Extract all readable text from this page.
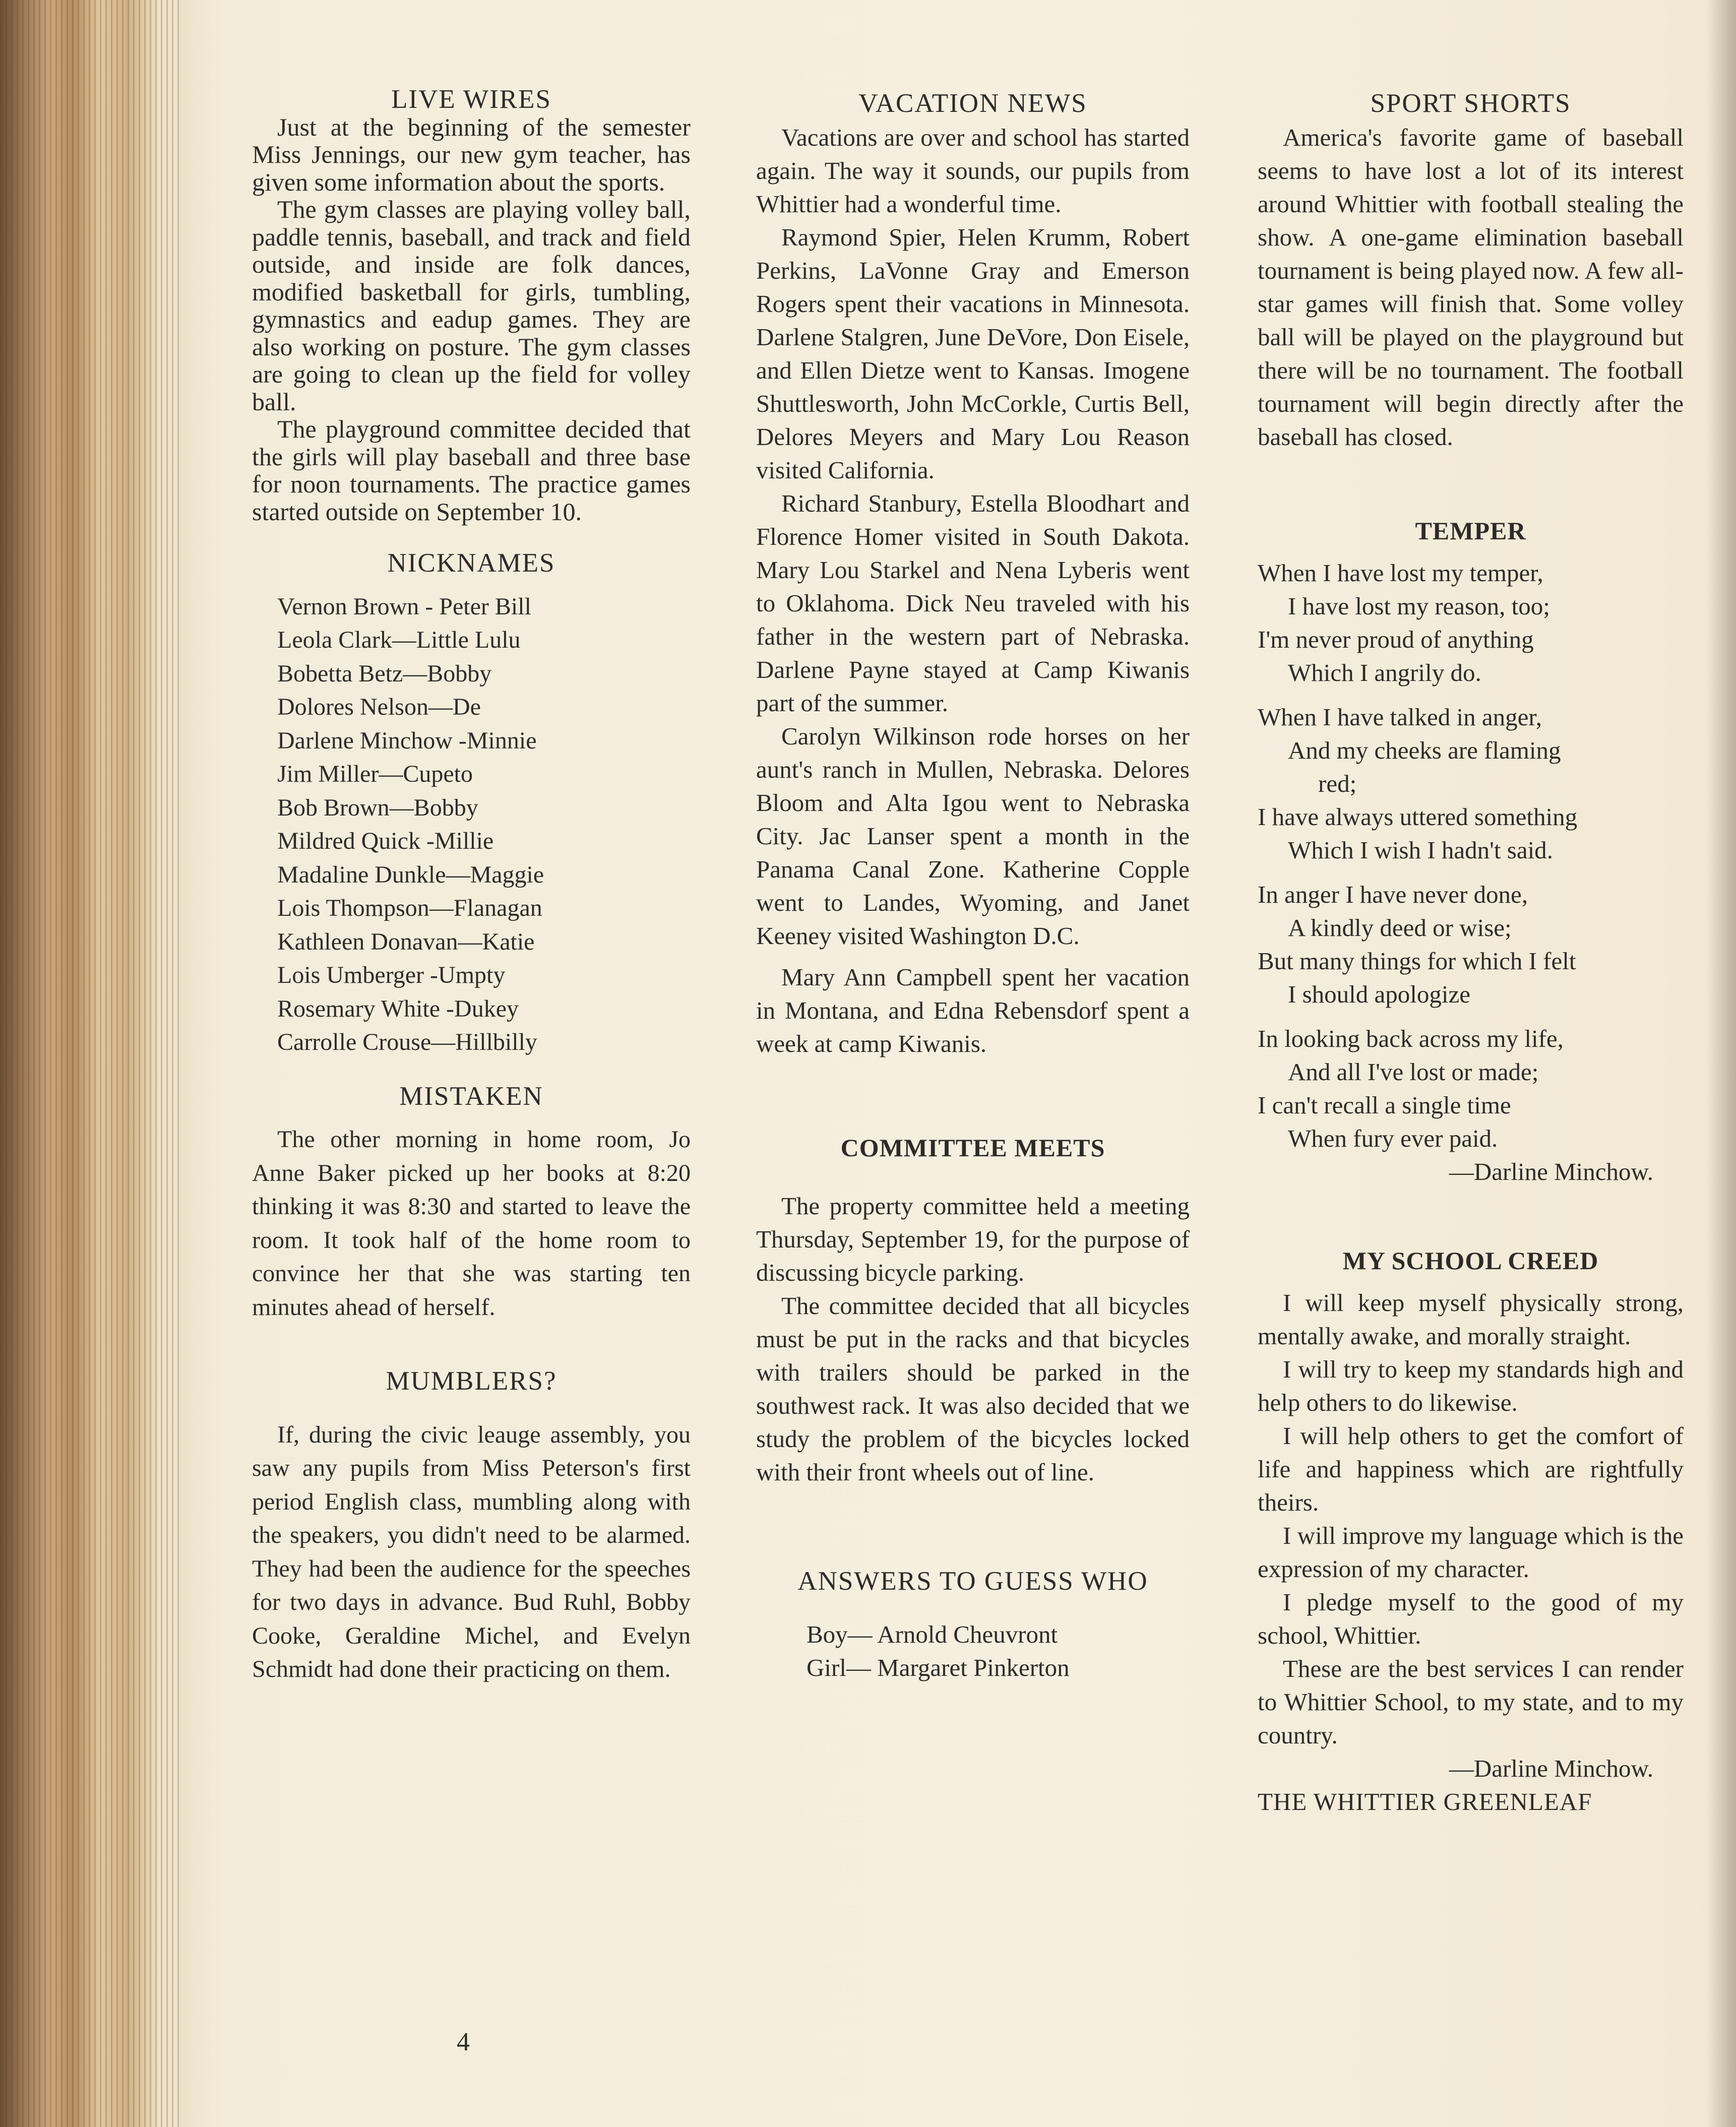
LIVE WIRES

Just at the beginning of the semester Miss Jennings, our new gym teacher, has given some information about the sports.

The gym classes are playing volley ball, paddle tennis, baseball, and track and field outside, and inside are folk dances, modified basketball for girls, tumbling, gymnastics and eadup games. They are also working on posture. The gym classes are going to clean up the field for volley ball.

The playground committee decided that the girls will play baseball and three base for noon tournaments. The practice games started outside on September 10.

NICKNAMES

Vernon Brown - Peter Bill

Leola Clark—Little Lulu

Bobetta Betz—Bobby

Dolores Nelson—De

Darlene Minchow -Minnie

Jim Miller—Cupeto

Bob Brown—Bobby

Mildred Quick -Millie

Madaline Dunkle—Maggie

Lois Thompson—Flanagan

Kathleen Donavan—Katie

Lois Umberger -Umpty

Rosemary White -Dukey

Carrolle Crouse—Hillbilly

MISTAKEN

The other morning in home room, Jo Anne Baker picked up her books at 8:20 thinking it was 8:30 and started to leave the room. It took half of the home room to convince her that she was starting ten minutes ahead of herself.

MUMBLERS?

If, during the civic leauge assembly, you saw any pupils from Miss Peterson's first period English class, mumbling along with the speakers, you didn't need to be alarmed. They had been the audience for the speeches for two days in advance. Bud Ruhl, Bobby Cooke, Geraldine Michel, and Evelyn Schmidt had done their practicing on them.

4
VACATION NEWS

Vacations are over and school has started again. The way it sounds, our pupils from Whittier had a wonderful time.

Raymond Spier, Helen Krumm, Robert Perkins, LaVonne Gray and Emerson Rogers spent their vacations in Minnesota. Darlene Stalgren, June DeVore, Don Eisele, and Ellen Dietze went to Kansas. Imogene Shuttlesworth, John McCorkle, Curtis Bell, Delores Meyers and Mary Lou Reason visited California.

Richard Stanbury, Estella Bloodhart and Florence Homer visited in South Dakota. Mary Lou Starkel and Nena Lyberis went to Oklahoma. Dick Neu traveled with his father in the western part of Nebraska. Darlene Payne stayed at Camp Kiwanis part of the summer.

Carolyn Wilkinson rode horses on her aunt's ranch in Mullen, Nebraska. Delores Bloom and Alta Igou went to Nebraska City. Jac Lanser spent a month in the Panama Canal Zone. Katherine Copple went to Landes, Wyoming, and Janet Keeney visited Washington D.C.

Mary Ann Campbell spent her vacation in Montana, and Edna Rebensdorf spent a week at camp Kiwanis.

COMMITTEE MEETS

The property committee held a meeting Thursday, September 19, for the purpose of discussing bicycle parking.

The committee decided that all bicycles must be put in the racks and that bicycles with trailers should be parked in the southwest rack. It was also decided that we study the problem of the bicycles locked with their front wheels out of line.

ANSWERS TO GUESS WHO
Boy— Arnold Cheuvront
Girl— Margaret Pinkerton
SPORT SHORTS

America's favorite game of baseball seems to have lost a lot of its interest around Whittier with football stealing the show. A one-game elimination baseball tournament is being played now. A few all-star games will finish that. Some volley ball will be played on the playground but there will be no tournament. The football tournament will begin directly after the baseball has closed.

TEMPER
When I have lost my temper,
I have lost my reason, too;
I'm never proud of anything
Which I angrily do.
When I have talked in anger,
And my cheeks are flaming
red;
I have always uttered something
Which I wish I hadn't said.
In anger I have never done,
A kindly deed or wise;
But many things for which I felt
I should apologize
In looking back across my life,
And all I've lost or made;
I can't recall a single time
When fury ever paid.
—Darline Minchow.
MY SCHOOL CREED

I will keep myself physically strong, mentally awake, and morally straight.

I will try to keep my standards high and help others to do likewise.

I will help others to get the comfort of life and happiness which are rightfully theirs.

I will improve my language which is the expression of my character.

I pledge myself to the good of my school, Whittier.

These are the best services I can render to Whittier School, to my state, and to my country.

—Darline Minchow.
THE WHITTIER GREENLEAF
